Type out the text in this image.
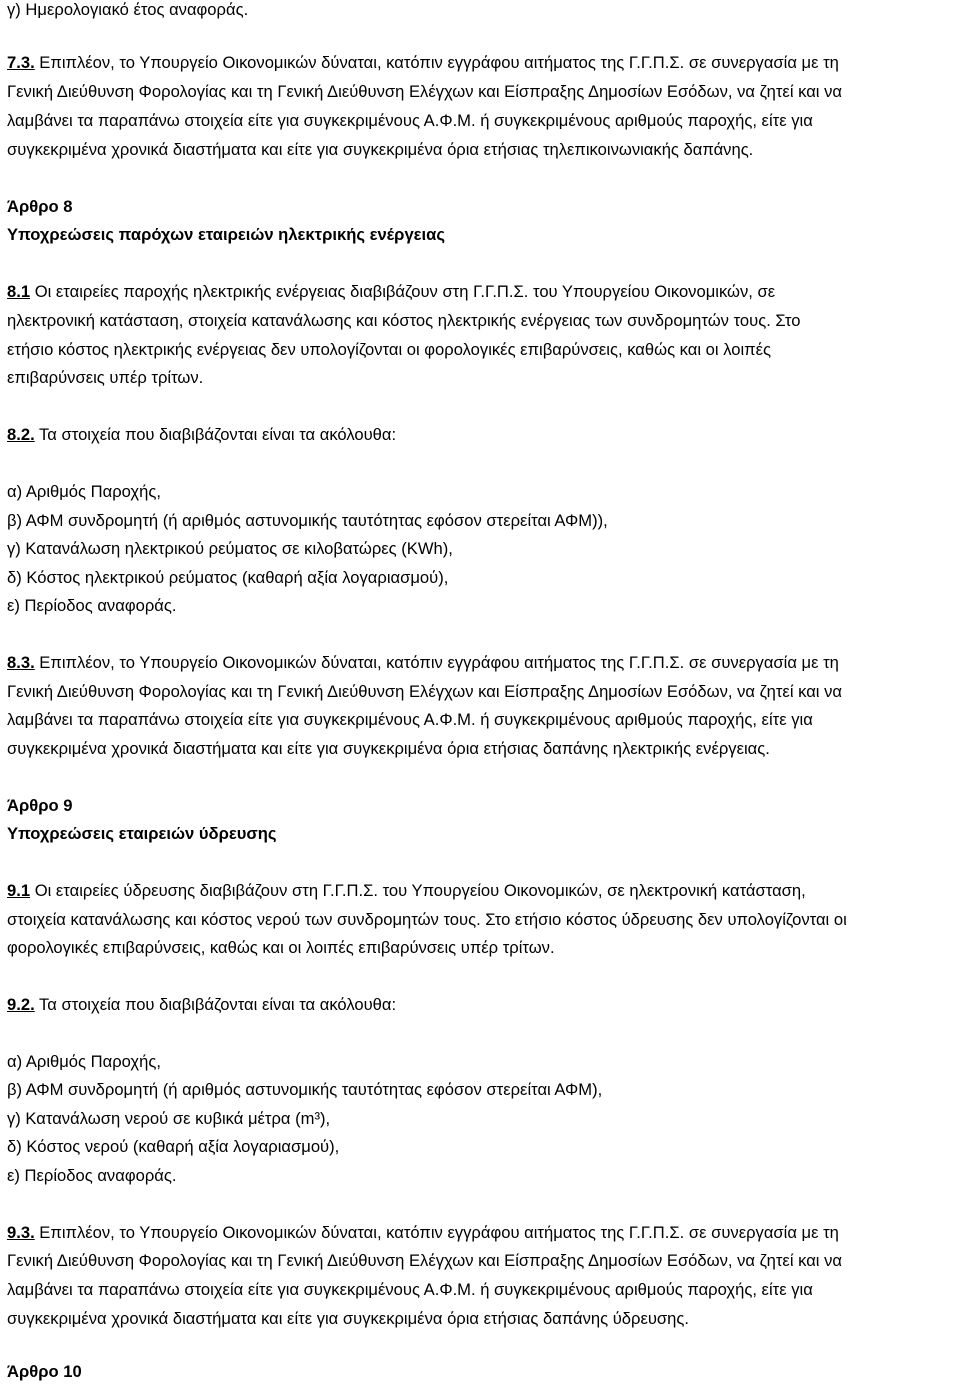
γ) Ημερολογιακό έτος αναφοράς.
7.3. Επιπλέον, το Υπουργείο Οικονομικών δύναται, κατόπιν εγγράφου αιτήματος της Γ.Γ.Π.Σ. σε συνεργασία με τη
Γενική Διεύθυνση Φορολογίας και τη Γενική Διεύθυνση Ελέγχων και Είσπραξης Δημοσίων Εσόδων, να ζητεί και να
λαμβάνει τα παραπάνω στοιχεία είτε για συγκεκριμένους Α.Φ.Μ. ή συγκεκριμένους αριθμούς παροχής, είτε για
συγκεκριμένα χρονικά διαστήματα και είτε για συγκεκριμένα όρια ετήσιας τηλεπικοινωνιακής δαπάνης.
Άρθρο 8
Υποχρεώσεις παρόχων εταιρειών ηλεκτρικής ενέργειας
8.1 Οι εταιρείες παροχής ηλεκτρικής ενέργειας διαβιβάζουν στη Γ.Γ.Π.Σ. του Υπουργείου Οικονομικών, σε
ηλεκτρονική κατάσταση, στοιχεία κατανάλωσης και κόστος ηλεκτρικής ενέργειας των συνδρομητών τους. Στο
ετήσιο κόστος ηλεκτρικής ενέργειας δεν υπολογίζονται οι φορολογικές επιβαρύνσεις, καθώς και οι λοιπές
επιβαρύνσεις υπέρ τρίτων.
8.2. Τα στοιχεία που διαβιβάζονται είναι τα ακόλουθα:
α) Αριθμός Παροχής,
β) ΑΦΜ συνδρομητή (ή αριθμός αστυνομικής ταυτότητας εφόσον στερείται ΑΦΜ)),
γ) Κατανάλωση ηλεκτρικού ρεύματος σε κιλοβατώρες (KWh),
δ) Κόστος ηλεκτρικού ρεύματος (καθαρή αξία λογαριασμού),
ε) Περίοδος αναφοράς.
8.3. Επιπλέον, το Υπουργείο Οικονομικών δύναται, κατόπιν εγγράφου αιτήματος της Γ.Γ.Π.Σ. σε συνεργασία με τη
Γενική Διεύθυνση Φορολογίας και τη Γενική Διεύθυνση Ελέγχων και Είσπραξης Δημοσίων Εσόδων, να ζητεί και να
λαμβάνει τα παραπάνω στοιχεία είτε για συγκεκριμένους Α.Φ.Μ. ή συγκεκριμένους αριθμούς παροχής, είτε για
συγκεκριμένα χρονικά διαστήματα και είτε για συγκεκριμένα όρια ετήσιας δαπάνης ηλεκτρικής ενέργειας.
Άρθρο 9
Υποχρεώσεις εταιρειών ύδρευσης
9.1 Οι εταιρείες ύδρευσης διαβιβάζουν στη Γ.Γ.Π.Σ. του Υπουργείου Οικονομικών, σε ηλεκτρονική κατάσταση,
στοιχεία κατανάλωσης και κόστος νερού των συνδρομητών τους. Στο ετήσιο κόστος ύδρευσης δεν υπολογίζονται οι
φορολογικές επιβαρύνσεις, καθώς και οι λοιπές επιβαρύνσεις υπέρ τρίτων.
9.2. Τα στοιχεία που διαβιβάζονται είναι τα ακόλουθα:
α) Αριθμός Παροχής,
β) ΑΦΜ συνδρομητή (ή αριθμός αστυνομικής ταυτότητας εφόσον στερείται ΑΦΜ),
γ) Κατανάλωση νερού σε κυβικά μέτρα (m³),
δ) Κόστος νερού (καθαρή αξία λογαριασμού),
ε) Περίοδος αναφοράς.
9.3. Επιπλέον, το Υπουργείο Οικονομικών δύναται, κατόπιν εγγράφου αιτήματος της Γ.Γ.Π.Σ. σε συνεργασία με τη
Γενική Διεύθυνση Φορολογίας και τη Γενική Διεύθυνση Ελέγχων και Είσπραξης Δημοσίων Εσόδων, να ζητεί και να
λαμβάνει τα παραπάνω στοιχεία είτε για συγκεκριμένους Α.Φ.Μ. ή συγκεκριμένους αριθμούς παροχής, είτε για
συγκεκριμένα χρονικά διαστήματα και είτε για συγκεκριμένα όρια ετήσιας δαπάνης ύδρευσης.
Άρθρο 10
